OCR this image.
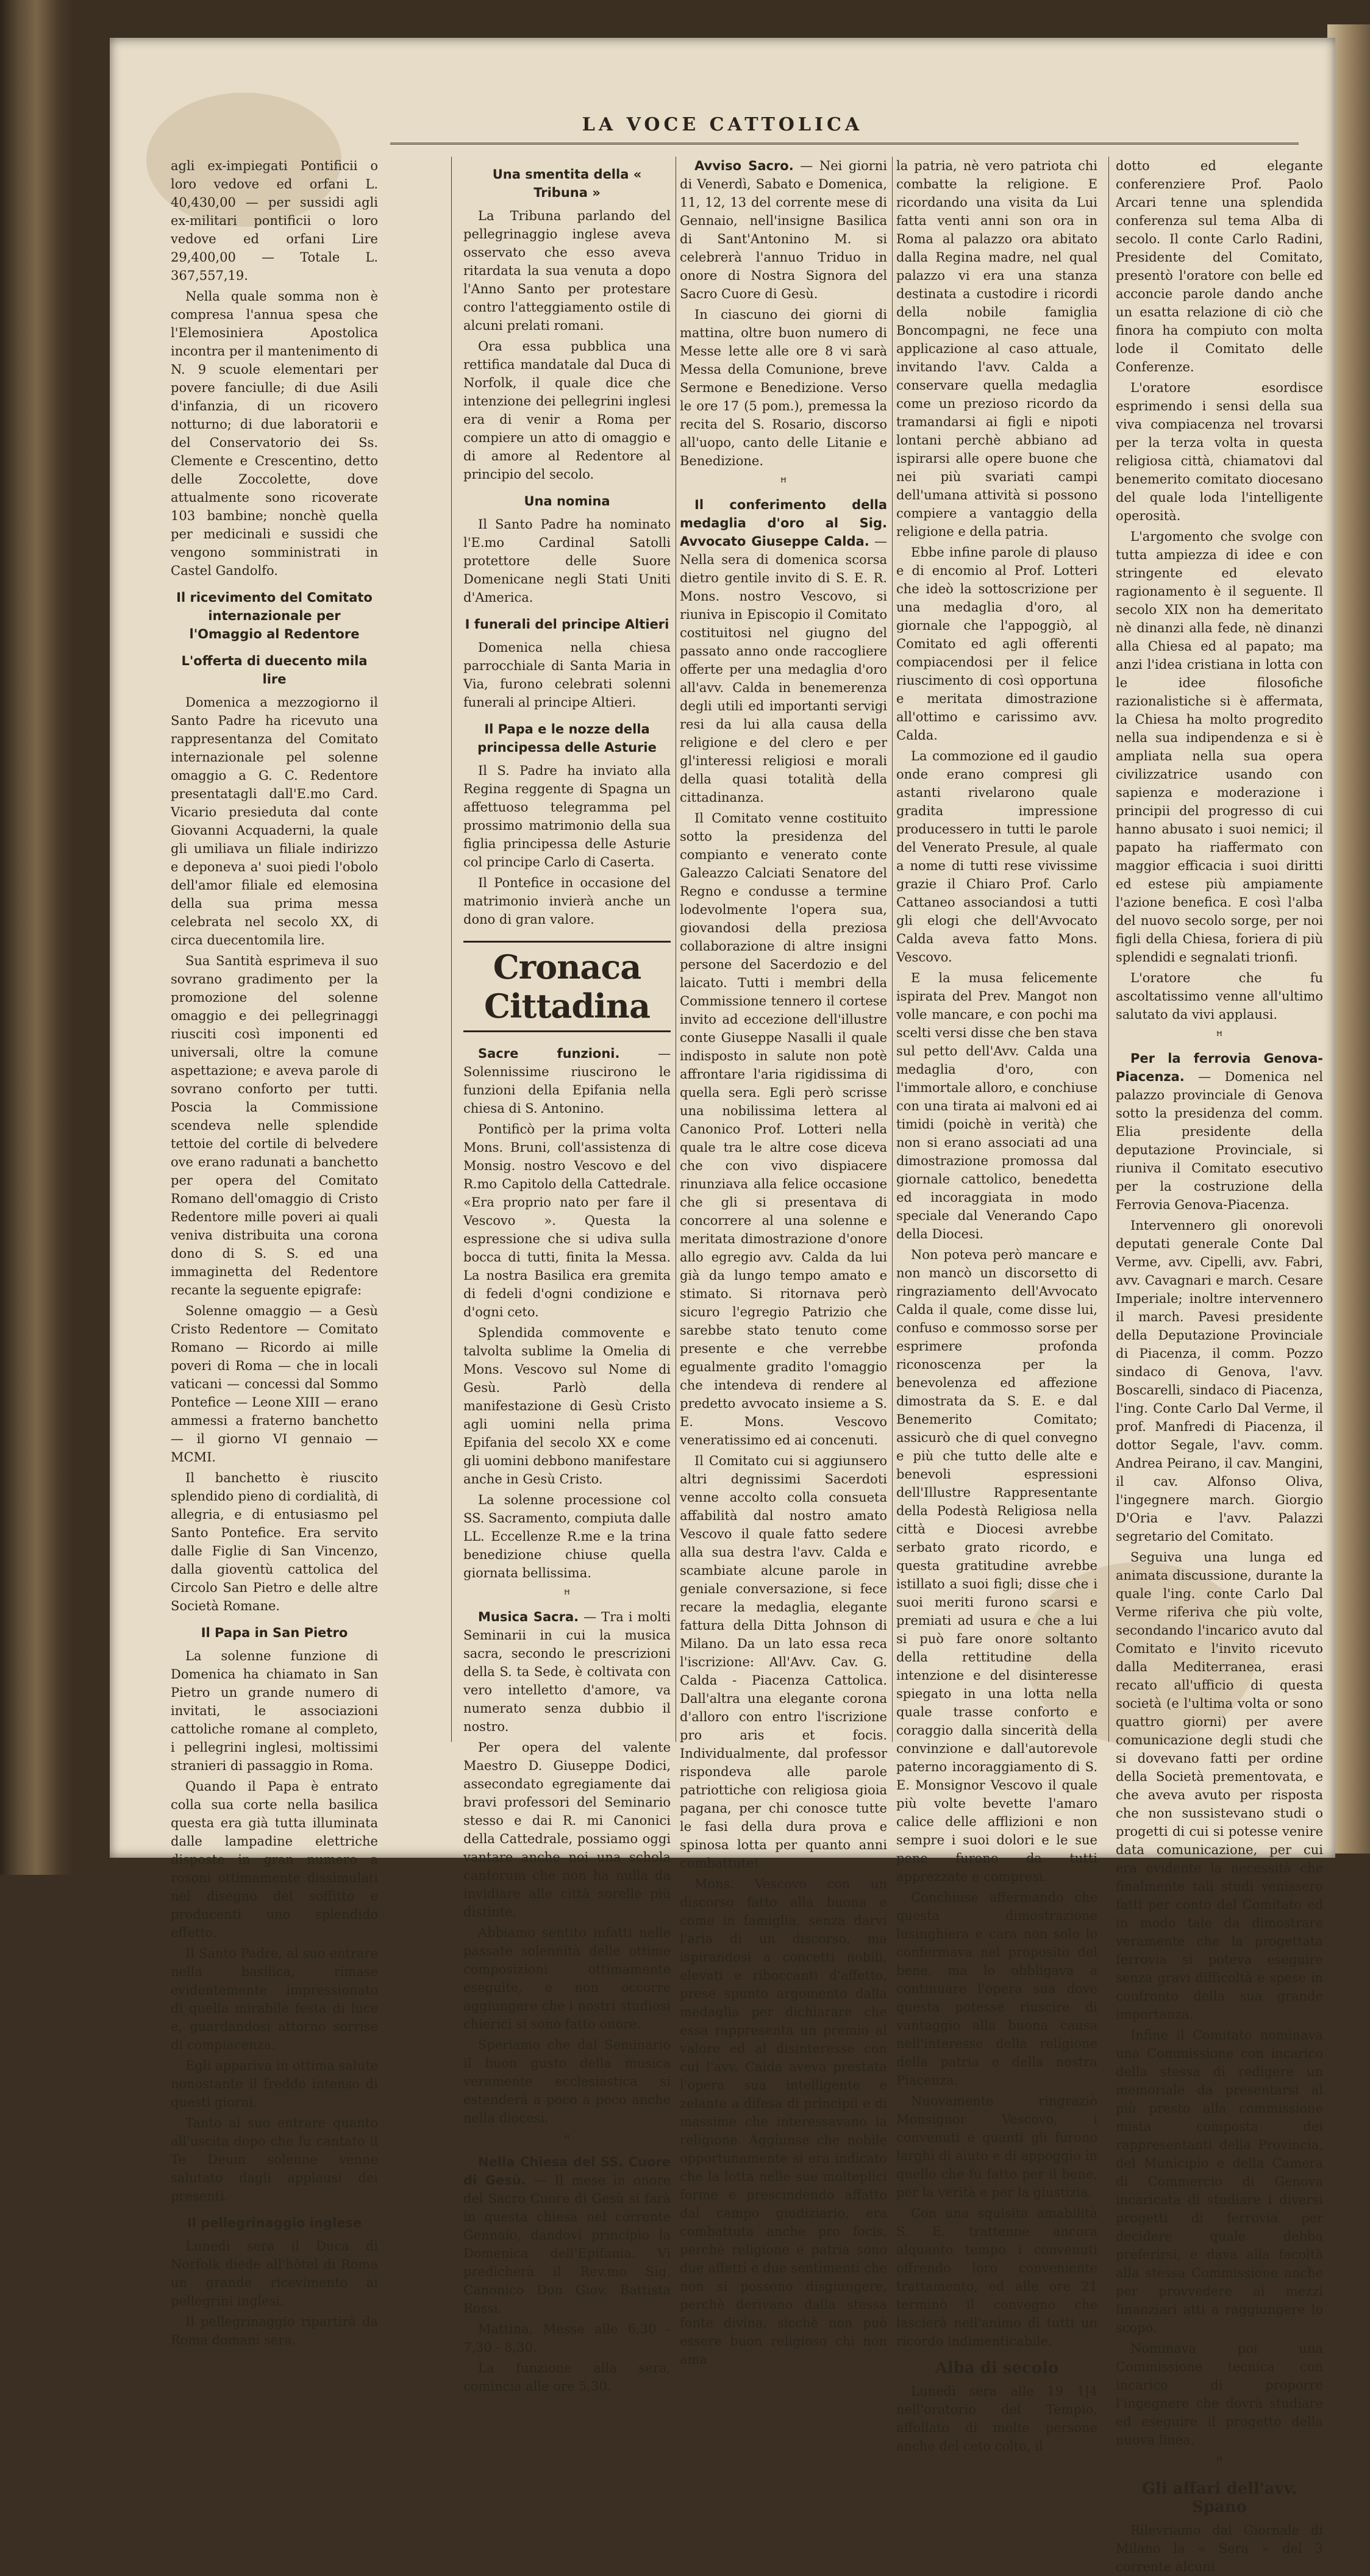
LA VOCE CATTOLICA

agli ex-impiegati Pontificii o loro vedove ed orfani L. 40,430,00 — per sussidi agli ex-militari pontificii o loro vedove ed orfani Lire 29,400,00 — Totale L. 367,557,19.

Nella quale somma non è compresa l'annua spesa che l'Elemosiniera Apostolica incontra per il mantenimento di N. 9 scuole elementari per povere fanciulle; di due Asili d'infanzia, di un ricovero notturno; di due laboratorii e del Conservatorio dei Ss. Clemente e Crescentino, detto delle Zoccolette, dove attualmente sono ricoverate 103 bambine; nonchè quella per medicinali e sussidi che vengono somministrati in Castel Gandolfo.

Il ricevimento del Comitato internazionale per l'Omaggio al Redentore
L'offerta di duecento mila lire

Domenica a mezzogiorno il Santo Padre ha ricevuto una rappresentanza del Comitato internazionale pel solenne omaggio a G. C. Redentore presentatagli dall'E.mo Card. Vicario presieduta dal conte Giovanni Acquaderni, la quale gli umiliava un filiale indirizzo e deponeva a' suoi piedi l'obolo dell'amor filiale ed elemosina della sua prima messa celebrata nel secolo XX, di circa duecentomila lire.

Sua Santità esprimeva il suo sovrano gradimento per la promozione del solenne omaggio e dei pellegrinaggi riusciti così imponenti ed universali, oltre la comune aspettazione; e aveva parole di sovrano conforto per tutti. Poscia la Commissione scendeva nelle splendide tettoie del cortile di belvedere ove erano radunati a banchetto per opera del Comitato Romano dell'omaggio di Cristo Redentore mille poveri ai quali veniva distribuita una corona dono di S. S. ed una immaginetta del Redentore recante la seguente epigrafe:

Solenne omaggio — a Gesù Cristo Redentore — Comitato Romano — Ricordo ai mille poveri di Roma — che in locali vaticani — concessi dal Sommo Pontefice — Leone XIII — erano ammessi a fraterno banchetto — il giorno VI gennaio — MCMI.

Il banchetto è riuscito splendido pieno di cordialità, di allegria, e di entusiasmo pel Santo Pontefice. Era servito dalle Figlie di San Vincenzo, dalla gioventù cattolica del Circolo San Pietro e delle altre Società Romane.

Il Papa in San Pietro

La solenne funzione di Domenica ha chiamato in San Pietro un grande numero di invitati, le associazioni cattoliche romane al completo, i pellegrini inglesi, moltissimi stranieri di passaggio in Roma.

Quando il Papa è entrato colla sua corte nella basilica questa era già tutta illuminata dalle lampadine elettriche disposte in gran numero a rosoni ottimamente dissimulati nel disegno del soffitto e producenti uno splendido effetto.

Il Santo Padre, al suo entrare nella basilica, rimase evidentemente impressionato di quella mirabile festa di luce e, guardandosi attorno sorrise di compiacenza.

Egli appariva in ottima salute nonostante il freddo intenso di questi giorni.

Tanto al suo entrare quanto all'uscita dopo che fu cantato il Te Deum solenne venne salutato dagli applausi dei presenti.

Il pellegrinaggio inglese

Lunedì sera il Duca di Norfolk diede all'hôtel di Roma un grande ricevimento ai pellegrini inglesi.

Il pellegrinaggio ripartirà da Roma domani sera.

Una smentita della « Tribuna »

La Tribuna parlando del pellegrinaggio inglese aveva osservato che esso aveva ritardata la sua venuta a dopo l'Anno Santo per protestare contro l'atteggiamento ostile di alcuni prelati romani.

Ora essa pubblica una rettifica mandatale dal Duca di Norfolk, il quale dice che intenzione dei pellegrini inglesi era di venir a Roma per compiere un atto di omaggio e di amore al Redentore al principio del secolo.

Una nomina

Il Santo Padre ha nominato l'E.mo Cardinal Satolli protettore delle Suore Domenicane negli Stati Uniti d'America.

I funerali del principe Altieri

Domenica nella chiesa parrocchiale di Santa Maria in Via, furono celebrati solenni funerali al principe Altieri.

Il Papa e le nozze della principessa delle Asturie

Il S. Padre ha inviato alla Regina reggente di Spagna un affettuoso telegramma pel prossimo matrimonio della sua figlia principessa delle Asturie col principe Carlo di Caserta.

Il Pontefice in occasione del matrimonio invierà anche un dono di gran valore.

Cronaca Cittadina

Sacre funzioni.	— Solennissime riuscirono le funzioni della Epifania nella chiesa di S. Antonino.

Pontificò per la prima volta Mons. Bruni, coll'assistenza di Monsig. nostro Vescovo e del R.mo Capitolo della Cattedrale. «Era proprio nato per fare il Vescovo ». Questa la espressione che si udiva sulla bocca di tutti, finita la Messa. La nostra Basilica era gremita di fedeli d'ogni condizione e d'ogni ceto.

Splendida commovente e talvolta sublime la Omelia di Mons. Vescovo sul Nome di Gesù. Parlò della manifestazione di Gesù Cristo agli uomini nella prima Epifania del secolo XX e come gli uomini debbono manifestare anche in Gesù Cristo.

La solenne processione col SS. Sacramento, compiuta dalle LL. Eccellenze R.me e la trina benedizione chiuse quella giornata bellissima.

ꟸ

Musica Sacra. — Tra i molti Seminarii in cui la musica sacra, secondo le prescrizioni della S. ta Sede, è coltivata con vero intelletto d'amore, va numerato senza dubbio il nostro.

Per opera del valente Maestro D. Giuseppe Dodici, assecondato egregiamente dai bravi professori del Seminario stesso e dai R. mi Canonici della Cattedrale, possiamo oggi vantare anche noi una schola cantorum che non ha nulla da invidiare alle città sorelle più distinte.

Abbiamo sentito infatti nelle passate solennità delle ottime composizioni ottimamente eseguite, e non occorre aggiungere che i nostri studiosi chierici si sono fatto onore.

Speriamo che dal Seminario il buon gusto della musica veramente ecclesiastica si estenderà a poco a poco anche nella diocesi.

ꟸ

Nella Chiesa del SS. Cuore di Gesù. — Il mese in onore del Sacro Cuore di Gesù si farà in questa chiesa nel corrente Gennaio, dandovi principio la Domenica dell'Epifania. Vi predicherà il Rev.mo Sig. Canonico Don Giov. Battista Rossi.

Mattina, Messe alle 6,30 - 7,30 - 8,30.

La funzione alla sera, comincia alle ore 5,30.

Avviso Sacro. — Nei giorni di Venerdì, Sabato e Domenica, 11, 12, 13 del corrente mese di Gennaio, nell'insigne Basilica di Sant'Antonino M. si celebrerà l'annuo Triduo in onore di Nostra Signora del Sacro Cuore di Gesù.

In ciascuno dei giorni di mattina, oltre buon numero di Messe lette alle ore 8 vi sarà Messa della Comunione, breve Sermone e Benedizione. Verso le ore 17 (5 pom.), premessa la recita del S. Rosario, discorso all'uopo, canto delle Litanie e Benedizione.

ꟸ

Il conferimento della medaglia d'oro al Sig. Avvocato Giuseppe Calda. — Nella sera di domenica scorsa dietro gentile invito di S. E. R. Mons. nostro Vescovo, si riuniva in Episcopio il Comitato costituitosi nel giugno del passato anno onde raccogliere offerte per una medaglia d'oro all'avv. Calda in benemerenza degli utili ed importanti servigi resi da lui alla causa della religione e del clero e per gl'interessi religiosi e morali della quasi totalità della cittadinanza.

Il Comitato venne costituito sotto la presidenza del compianto e venerato conte Galeazzo Calciati Senatore del Regno e condusse a termine lodevolmente l'opera sua, giovandosi della preziosa collaborazione di altre insigni persone del Sacerdozio e del laicato. Tutti i membri della Commissione tennero il cortese invito ad eccezione dell'illustre conte Giuseppe Nasalli il quale indisposto in salute non potè affrontare l'aria rigidissima di quella sera. Egli però scrisse una nobilissima lettera al Canonico Prof. Lotteri nella quale tra le altre cose diceva che con vivo dispiacere rinunziava alla felice occasione che gli si presentava di concorrere al una solenne e meritata dimostrazione d'onore allo egregio avv. Calda da lui già da lungo tempo amato e stimato. Si ritornava però sicuro l'egregio Patrizio che sarebbe stato tenuto come presente e che verrebbe egualmente gradito l'omaggio che intendeva di rendere al predetto avvocato insieme a S. E. Mons. Vescovo veneratissimo ed ai concenuti.

Il Comitato cui si aggiunsero altri degnissimi Sacerdoti venne accolto colla consueta affabilità dal nostro amato Vescovo il quale fatto sedere alla sua destra l'avv. Calda e scambiate alcune parole in geniale conversazione, si fece recare la medaglia, elegante fattura della Ditta Johnson di Milano. Da un lato essa reca l'iscrizione: All'Avv. Cav. G. Calda - Piacenza Cattolica. Dall'altra una elegante corona d'alloro con entro l'iscrizione pro aris et focis. Individualmente, dal professor rispondeva alle parole patriottiche con religiosa gioia pagana, per chi conosce tutte le fasi della dura prova e spinosa lotta per quanto anni combattute!

Mons. Vescovo con un discorso fatto alla buona e come in famiglia, senza darvi l'aria di un discorso, ma ispirandosi a concetti nobili, elevati e riboccanti d'affetto, prese spunto argomento dalla medaglia per dichiarare che essa rappresenta un premio al valore ed al disinteresse con cui l'avv. Calda aveva prestata l'opera sua intelligente e zelante a difesa di principii e di massime che interessavano la religione. Aggiunse che nobile opportunamente si era indicato che la lotta nelle sue molteplici forme e prescindendo affatto dal campo giudiziario, era combattuta anche pro focis, perchè religione e patria sono due affetti e due sentimenti che non si possono disgiungere, perchè derivano dalla stessa fonte divina, sicchè non può essere buon religioso chi non ama

la patria, nè vero patriota chi combatte la religione. E ricordando una visita da Lui fatta venti anni son ora in Roma al palazzo ora abitato dalla Regina madre, nel qual palazzo vi era una stanza destinata a custodire i ricordi della nobile famiglia Boncompagni, ne fece una applicazione al caso attuale, invitando l'avv. Calda a conservare quella medaglia come un prezioso ricordo da tramandarsi ai figli e nipoti lontani perchè abbiano ad ispirarsi alle opere buone che nei più svariati campi dell'umana attività si possono compiere a vantaggio della religione e della patria.

Ebbe infine parole di plauso e di encomio al Prof. Lotteri che ideò la sottoscrizione per una medaglia d'oro, al giornale che l'appoggiò, al Comitato ed agli offerenti compiacendosi per il felice riuscimento di così opportuna e meritata dimostrazione all'ottimo e carissimo avv. Calda.

La commozione ed il gaudio onde erano compresi gli astanti rivelarono quale gradita impressione producessero in tutti le parole del Venerato Presule, al quale a nome di tutti rese vivissime grazie il Chiaro Prof. Carlo Cattaneo associandosi a tutti gli elogi che dell'Avvocato Calda aveva fatto Mons. Vescovo.

E la musa felicemente ispirata del Prev. Mangot non volle mancare, e con pochi ma scelti versi disse che ben stava sul petto dell'Avv. Calda una medaglia d'oro, con l'immortale alloro, e conchiuse con una tirata ai malvoni ed ai timidi (poichè in verità) che non si erano associati ad una dimostrazione promossa dal giornale cattolico, benedetta ed incoraggiata in modo speciale dal Venerando Capo della Diocesi.

Non poteva però mancare e non mancò un discorsetto di ringraziamento dell'Avvocato Calda il quale, come disse lui, confuso e commosso sorse per esprimere profonda riconoscenza per la benevolenza ed affezione dimostrata da S. E. e dal Benemerito Comitato; assicurò che di quel convegno e più che tutto delle alte e benevoli espressioni dell'Illustre Rappresentante della Podestà Religiosa nella città e Diocesi avrebbe serbato grato ricordo, e questa gratitudine avrebbe istillato a suoi figli; disse che i suoi meriti furono scarsi e premiati ad usura e che a lui si può fare onore soltanto della rettitudine della intenzione e del disinteresse spiegato in una lotta nella quale trasse conforto e coraggio dalla sincerità della convinzione e dall'autorevole paterno incoraggiamento di S. E. Monsignor Vescovo il quale più volte bevette l'amaro calice delle afflizioni e non sempre i suoi dolori e le sue pene furono da tutti apprezzate e compresi.

Conchiuse affermando che questa dimostrazione lusinghiera e cara non solo lo confermava nel proposito del bene, ma lo obbligava a continuare l'opera sua dove questa potesse riuscire di vantaggio alla buona causa nell'interesse della religione della patria e della nostra Piacenza.

Nuovamente ringraziò Monsignor Vescovo, i convenuti e quanti gli furono larghi di aiuto e di appoggio in quello che fu fatto per il bene, per la verità e per la giustizia.

Con una squisita amabilità S. E. trattenne ancora alquanto tempo i convenuti offrendo loro conveniente trattamento, ed alle ore 21 terminò il convegno che lascierà nell'animo di tutti un ricordo indimenticabile.

Alba di secolo

Lunedì sera alle 19 1|4 nell'oratorio del Tempio, affollato di molte persone anche del ceto colto, il

dotto ed elegante conferenziere Prof. Paolo Arcari tenne una splendida conferenza sul tema Alba di secolo. Il conte Carlo Radini, Presidente del Comitato, presentò l'oratore con belle ed acconcie parole dando anche un esatta relazione di ciò che finora ha compiuto con molta lode il Comitato delle Conferenze.

L'oratore esordisce esprimendo i sensi della sua viva compiacenza nel trovarsi per la terza volta in questa religiosa città, chiamatovi dal benemerito comitato diocesano del quale loda l'intelligente operosità.

L'argomento che svolge con tutta ampiezza di idee e con stringente ed elevato ragionamento è il seguente. Il secolo XIX non ha demeritato nè dinanzi alla fede, nè dinanzi alla Chiesa ed al papato; ma anzi l'idea cristiana in lotta con le idee filosofiche razionalistiche si è affermata, la Chiesa ha molto progredito nella sua indipendenza e si è ampliata nella sua opera civilizzatrice usando con sapienza e moderazione i principii del progresso di cui hanno abusato i suoi nemici; il papato ha riaffermato con maggior efficacia i suoi diritti ed estese più ampiamente l'azione benefica. E così l'alba del nuovo secolo sorge, per noi figli della Chiesa, foriera di più splendidi e segnalati trionfi.

L'oratore che fu ascoltatissimo venne all'ultimo salutato da vivi applausi.

ꟸ

Per la ferrovia Genova-Piacenza. — Domenica nel palazzo provinciale di Genova sotto la presidenza del comm. Elia presidente della deputazione Provinciale, si riuniva il Comitato esecutivo per la costruzione della Ferrovia Genova-Piacenza.

Intervennero gli onorevoli deputati generale Conte Dal Verme, avv. Cipelli, avv. Fabri, avv. Cavagnari e march. Cesare Imperiale; inoltre intervennero il march. Pavesi presidente della Deputazione Provinciale di Piacenza, il comm. Pozzo sindaco di Genova, l'avv. Boscarelli, sindaco di Piacenza, l'ing. Conte Carlo Dal Verme, il prof. Manfredi di Piacenza, il dottor Segale, l'avv. comm. Andrea Peirano, il cav. Mangini, il cav. Alfonso Oliva, l'ingegnere march. Giorgio D'Oria e l'avv. Palazzi segretario del Comitato.

Seguiva una lunga ed animata discussione, durante la quale l'ing. conte Carlo Dal Verme riferiva che più volte, secondando l'incarico avuto dal Comitato e l'invito ricevuto dalla Mediterranea, erasi recato all'ufficio di questa società (e l'ultima volta or sono quattro giorni) per avere comunicazione degli studi che si dovevano fatti per ordine della Società prementovata, e che aveva avuto per risposta che non sussistevano studi o progetti di cui si potesse venire data comunicazione, per cui era evidente la necessità che finalmente tali studi venissero fatti per conto del Comitato ed in modo tale da dimostrare veramente che la progettata ferrovia si poteva eseguire senza gravi difficoltà e spese in confronto della sua grande importanza.

Infine il Comitato nominava una Commissione con incarico della stessa di redigere un memoriale da presentarsi al più presto alla commissione mista composta dei rappresentanti della Provincia, del Municipio e della Camera di Commercio di Genova incaricata di studiare i diversi progetti di ferrovia per decidere quale debba preferirsi, e dava alla facoltà alla stessa Commissione anche per provvedere ai mezzi finanziari atti a raggiungere lo scopo.

Nominava poi una Commissione tecnica con incarico di proporre l'ingegnere che dovrà studiare ed eseguire il progetto della nuova linea.

ꟸ
Gli affari dell'avv. Spano

Rilevriamo dal Giornale di Milano la « Sera » del 3 corrente alcuni
